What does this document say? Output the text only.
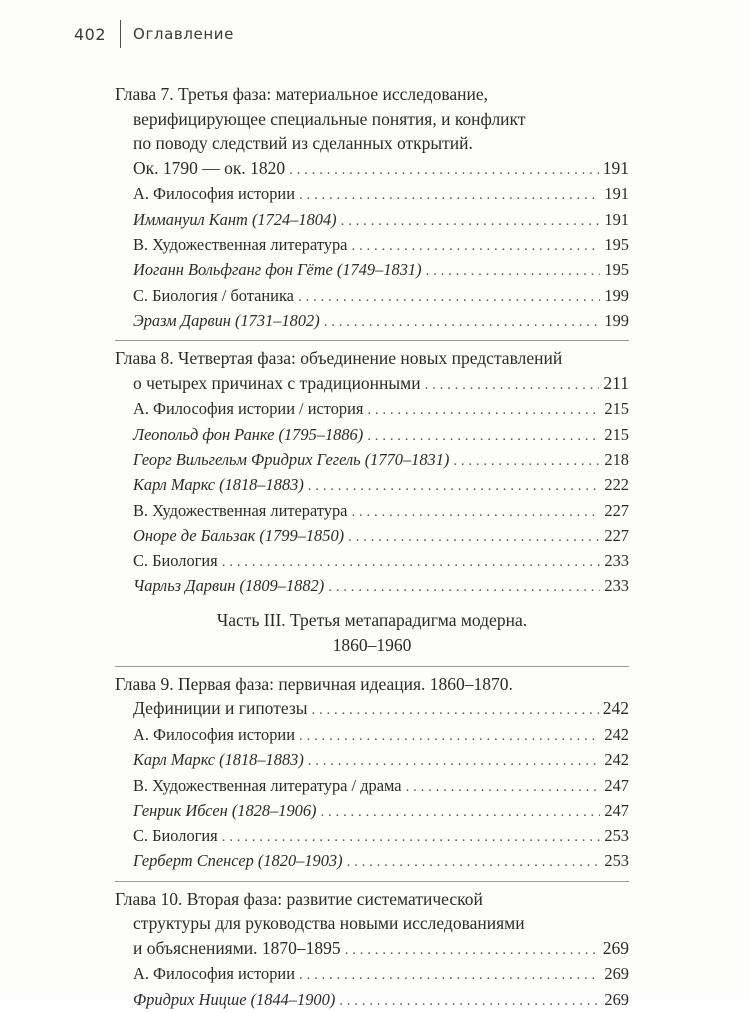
402 Оглавление
Глава 7. Третья фаза: материальное исследование,
верифицирующее специальные понятия, и конфликт
по поводу следствий из сделанных открытий.
Ок. 1790 — ок. 1820 . . .	191
A. Философия истории . . .	191
Иммануил Кант (1724–1804) . . .	191
B. Художественная литература . . .	195
Иоганн Вольфганг фон Гёте (1749–1831) . . .	195
C. Биология / ботаника . . .	199
Эразм Дарвин (1731–1802) . . .	199
Глава 8. Четвертая фаза: объединение новых представлений
о четырех причинах с традиционными . . .	211
A. Философия истории / история . . .	215
Леопольд фон Ранке (1795–1886) . . .	215
Георг Вильгельм Фридрих Гегель (1770–1831) . . .	218
Карл Маркс (1818–1883) . . .	222
B. Художественная литература . . .	227
Оноре де Бальзак (1799–1850) . . .	227
C. Биология . . .	233
Чарльз Дарвин (1809–1882) . . .	233
Часть III. Третья метапарадигма модерна.
1860–1960
Глава 9. Первая фаза: первичная идеация. 1860–1870.
Дефиниции и гипотезы . . .	242
A. Философия истории . . .	242
Карл Маркс (1818–1883) . . .	242
B. Художественная литература / драма . . .	247
Генрик Ибсен (1828–1906) . . .	247
C. Биология . . .	253
Герберт Спенсер (1820–1903) . . .	253
Глава 10. Вторая фаза: развитие систематической
структуры для руководства новыми исследованиями
и объяснениями. 1870–1895 . . .	269
A. Философия истории . . .	269
Фридрих Ницше (1844–1900) . . .	269
